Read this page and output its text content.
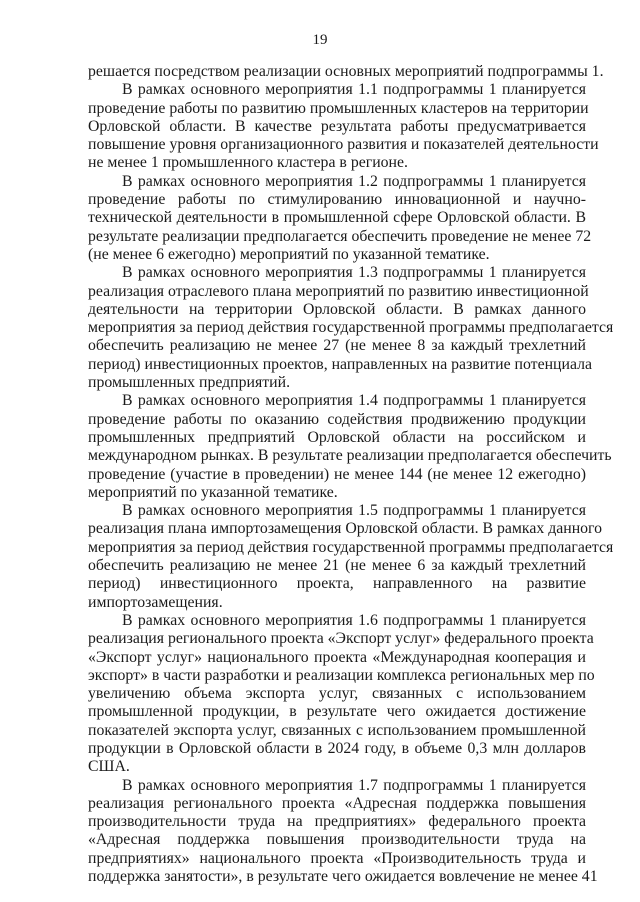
19
решается посредством реализации основных мероприятий подпрограммы 1.
В рамках основного мероприятия 1.1 подпрограммы 1 планируется
проведение работы по развитию промышленных кластеров на территории
Орловской области. В качестве результата работы предусматривается
повышение уровня организационного развития и показателей деятельности
не менее 1 промышленного кластера в регионе.
В рамках основного мероприятия 1.2 подпрограммы 1 планируется
проведение работы по стимулированию инновационной и научно-
технической деятельности в промышленной сфере Орловской области. В
результате реализации предполагается обеспечить проведение не менее 72
(не менее 6 ежегодно) мероприятий по указанной тематике.
В рамках основного мероприятия 1.3 подпрограммы 1 планируется
реализация отраслевого плана мероприятий по развитию инвестиционной
деятельности на территории Орловской области. В рамках данного
мероприятия за период действия государственной программы предполагается
обеспечить реализацию не менее 27 (не менее 8 за каждый трехлетний
период) инвестиционных проектов, направленных на развитие потенциала
промышленных предприятий.
В рамках основного мероприятия 1.4 подпрограммы 1 планируется
проведение работы по оказанию содействия продвижению продукции
промышленных предприятий Орловской области на российском и
международном рынках. В результате реализации предполагается обеспечить
проведение (участие в проведении) не менее 144 (не менее 12 ежегодно)
мероприятий по указанной тематике.
В рамках основного мероприятия 1.5 подпрограммы 1 планируется
реализация плана импортозамещения Орловской области. В рамках данного
мероприятия за период действия государственной программы предполагается
обеспечить реализацию не менее 21 (не менее 6 за каждый трехлетний
период) инвестиционного проекта, направленного на развитие
импортозамещения.
В рамках основного мероприятия 1.6 подпрограммы 1 планируется
реализация регионального проекта «Экспорт услуг» федерального проекта
«Экспорт услуг» национального проекта «Международная кооперация и
экспорт» в части разработки и реализации комплекса региональных мер по
увеличению объема экспорта услуг, связанных с использованием
промышленной продукции, в результате чего ожидается достижение
показателей экспорта услуг, связанных с использованием промышленной
продукции в Орловской области в 2024 году, в объеме 0,3 млн долларов
США.
В рамках основного мероприятия 1.7 подпрограммы 1 планируется
реализация регионального проекта «Адресная поддержка повышения
производительности труда на предприятиях» федерального проекта
«Адресная поддержка повышения производительности труда на
предприятиях» национального проекта «Производительность труда и
поддержка занятости», в результате чего ожидается вовлечение не менее 41
